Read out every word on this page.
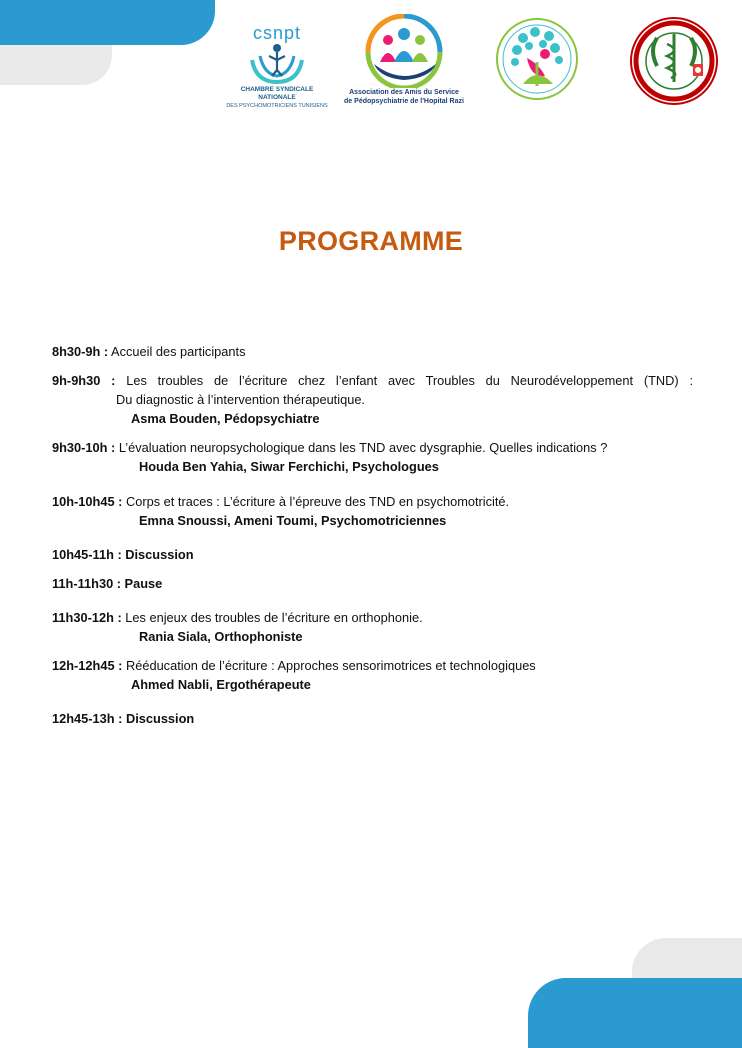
csnpt
CHAMBRE SYNDICALE NATIONALE
DES PSYCHOMOTRICIENS TUNISIENS
Association des Amis du Service
de Pédopsychiatrie de l'Hopital Razi
PROGRAMME
8h30-9h : Accueil des participants
9h-9h30 : Les troubles de l’écriture chez l’enfant avec Troubles du Neurodéveloppement (TND) :
Du diagnostic à l’intervention thérapeutique.
Asma Bouden, Pédopsychiatre
9h30-10h : L’évaluation neuropsychologique dans les TND avec dysgraphie. Quelles indications ?
Houda Ben Yahia, Siwar Ferchichi, Psychologues
10h-10h45 : Corps et traces : L’écriture à l’épreuve des TND en psychomotricité.
Emna Snoussi, Ameni Toumi, Psychomotriciennes
10h45-11h : Discussion
11h-11h30 : Pause
11h30-12h : Les enjeux des troubles de l’écriture en orthophonie.
Rania Siala, Orthophoniste
12h-12h45 : Rééducation de l’écriture : Approches sensorimotrices et technologiques
Ahmed Nabli, Ergothérapeute
12h45-13h : Discussion
